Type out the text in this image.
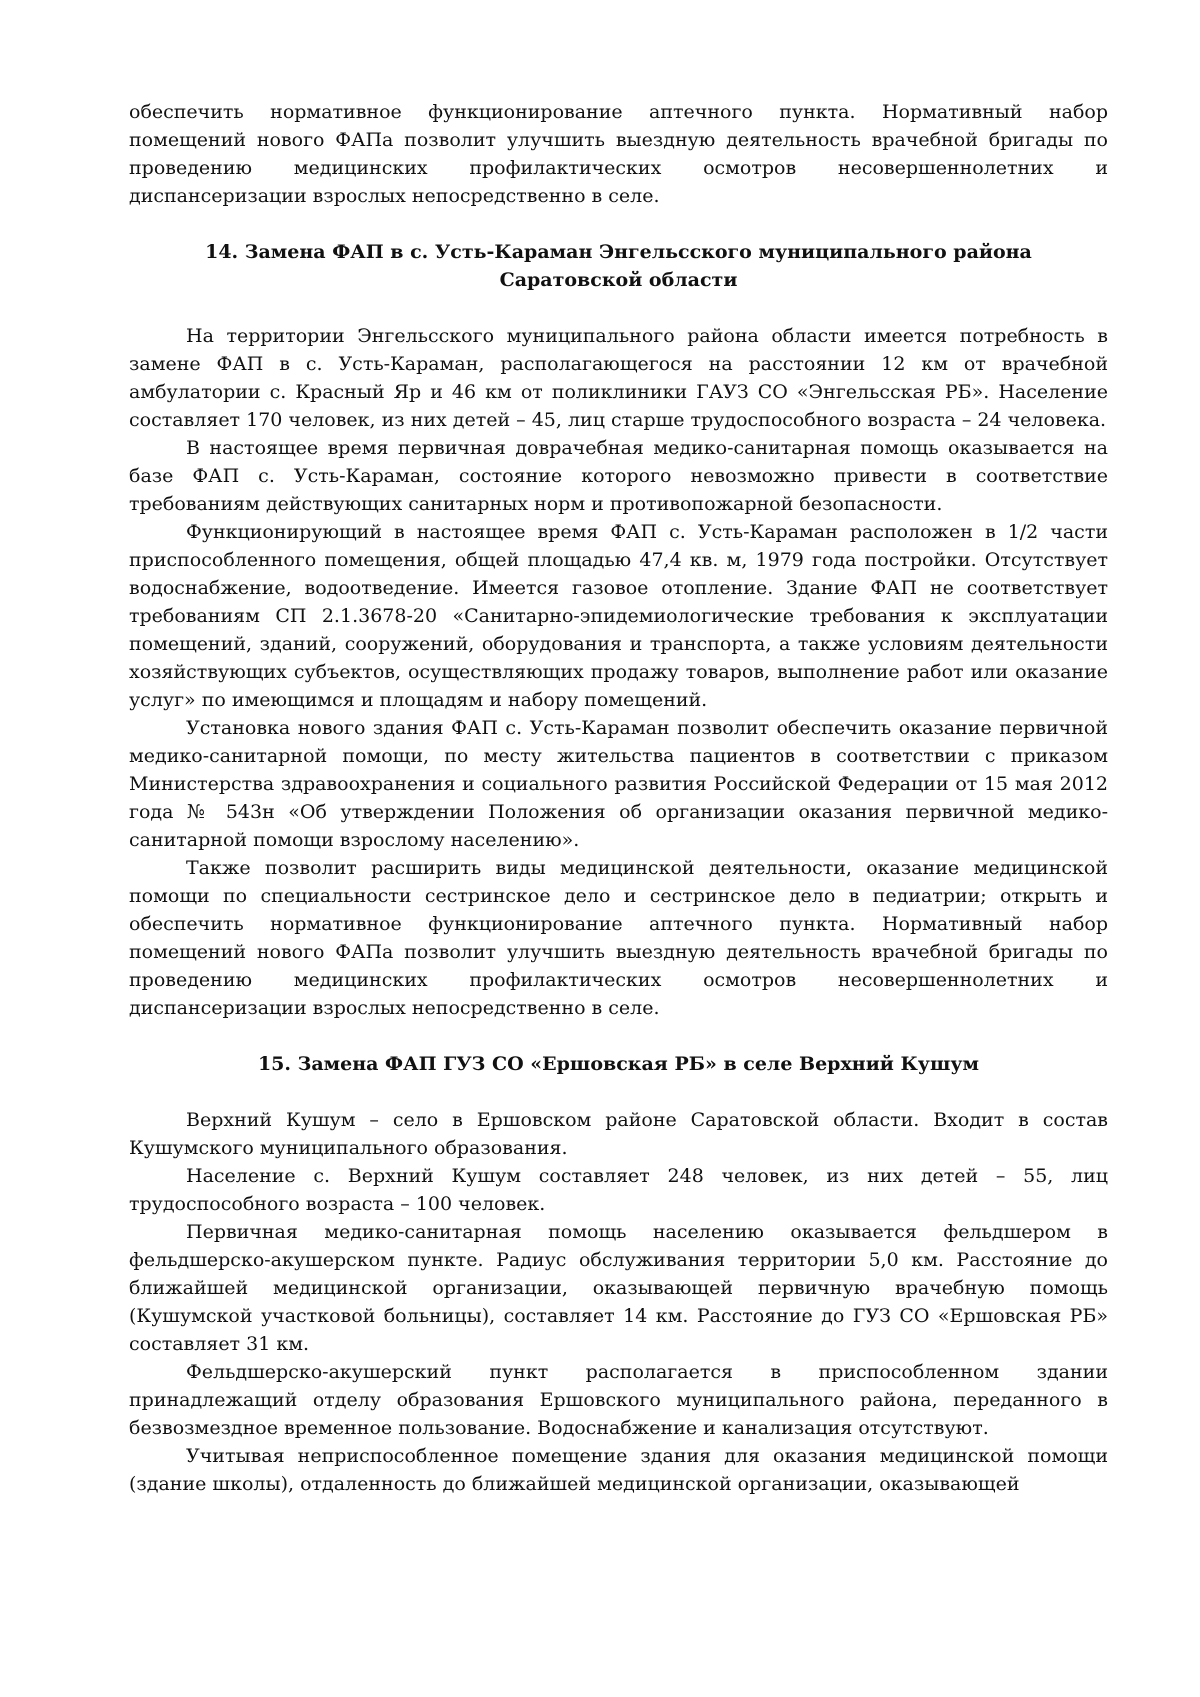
обеспечить нормативное функционирование аптечного пункта. Нормативный набор помещений нового ФАПа позволит улучшить выездную деятельность врачебной бригады по проведению медицинских профилактических осмотров несовершеннолетних и диспансеризации взрослых непосредственно в селе.

14. Замена ФАП в с. Усть-Караман Энгельсского муниципального района
Саратовской области

На территории Энгельсского муниципального района области имеется потребность в замене ФАП в с. Усть-Караман, располагающегося на расстоянии 12 км от врачебной амбулатории с. Красный Яр и 46 км от поликлиники ГАУЗ СО «Энгельсская РБ». Население составляет 170 человек, из них детей – 45, лиц старше трудоспособного возраста – 24 человека.

В настоящее время первичная доврачебная медико-санитарная помощь оказывается на базе ФАП с. Усть-Караман, состояние которого невозможно привести в соответствие требованиям действующих санитарных норм и противопожарной безопасности.

Функционирующий в настоящее время ФАП с. Усть-Караман расположен в 1/2 части приспособленного помещения, общей площадью 47,4 кв. м, 1979 года постройки. Отсутствует водоснабжение, водоотведение. Имеется газовое отопление. Здание ФАП не соответствует требованиям СП 2.1.3678-20 «Санитарно-эпидемиологические требования к эксплуатации помещений, зданий, сооружений, оборудования и транспорта, а также условиям деятельности хозяйствующих субъектов, осуществляющих продажу товаров, выполнение работ или оказание услуг» по имеющимся и площадям и набору помещений.

Установка нового здания ФАП с. Усть-Караман позволит обеспечить оказание первичной медико-санитарной помощи, по месту жительства пациентов в соответствии с приказом Министерства здравоохранения и социального развития Российской Федерации от 15 мая 2012 года № 543н «Об утверждении Положения об организации оказания первичной медико-санитарной помощи взрослому населению».

Также позволит расширить виды медицинской деятельности, оказание медицинской помощи по специальности сестринское дело и сестринское дело в педиатрии; открыть и обеспечить нормативное функционирование аптечного пункта. Нормативный набор помещений нового ФАПа позволит улучшить выездную деятельность врачебной бригады по проведению медицинских профилактических осмотров несовершеннолетних и диспансеризации взрослых непосредственно в селе.

15. Замена ФАП ГУЗ СО «Ершовская РБ» в селе Верхний Кушум

Верхний Кушум – село в Ершовском районе Саратовской области. Входит в состав Кушумского муниципального образования.

Население с. Верхний Кушум составляет 248 человек, из них детей – 55, лиц трудоспособного возраста – 100 человек.

Первичная медико-санитарная помощь населению оказывается фельдшером в фельдшерско-акушерском пункте. Радиус обслуживания территории 5,0 км. Расстояние до ближайшей медицинской организации, оказывающей первичную врачебную помощь (Кушумской участковой больницы), составляет 14 км. Расстояние до ГУЗ СО «Ершовская РБ» составляет 31 км.

Фельдшерско-акушерский пункт располагается в приспособленном здании принадлежащий отделу образования Ершовского муниципального района, переданного в безвозмездное временное пользование. Водоснабжение и канализация отсутствуют.

Учитывая неприспособленное помещение здания для оказания медицинской помощи (здание школы), отдаленность до ближайшей медицинской организации, оказывающей
